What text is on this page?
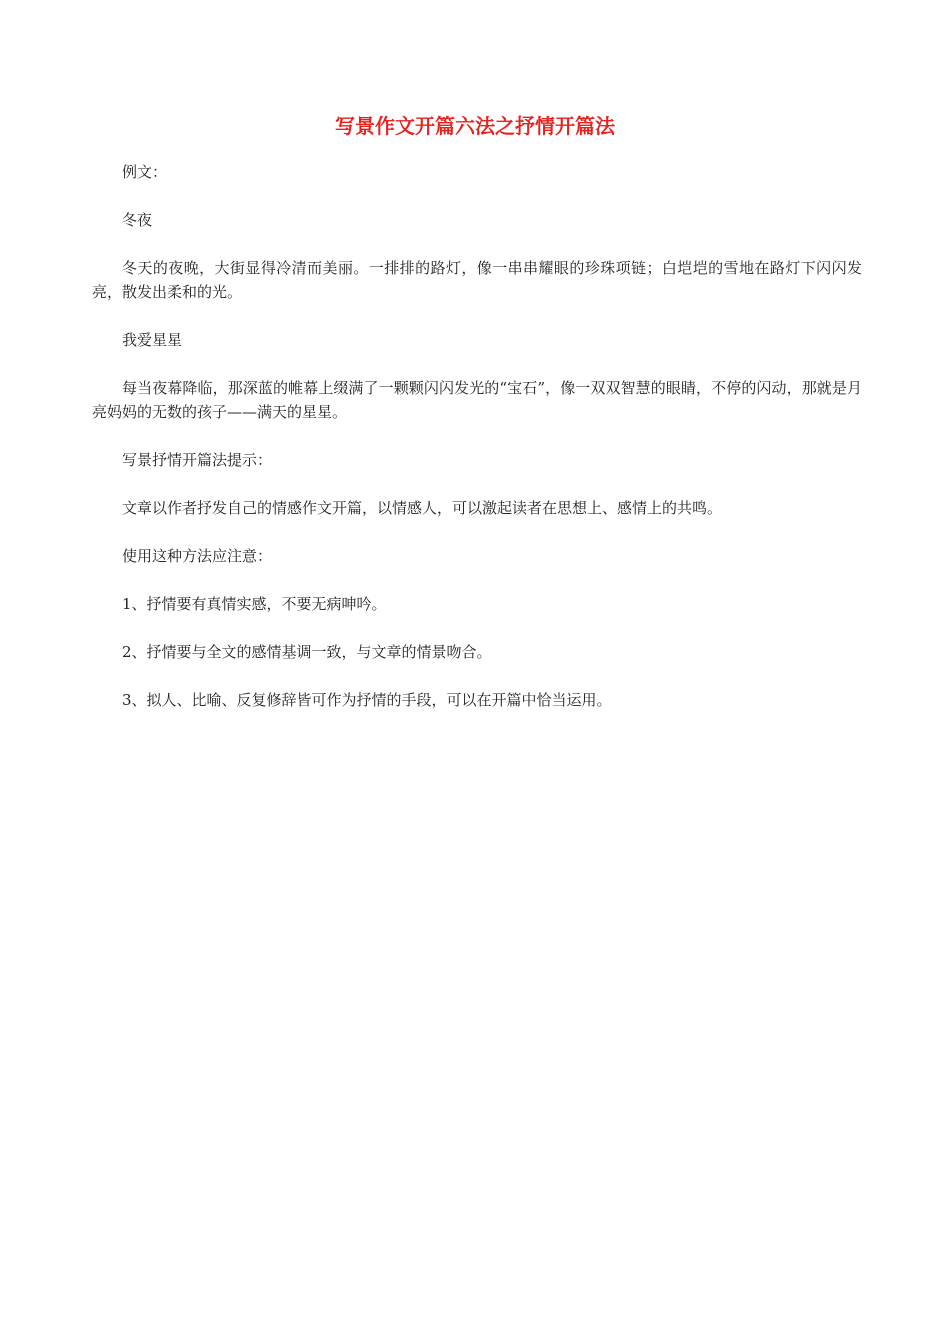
写景作文开篇六法之抒情开篇法

例文：

冬夜

冬天的夜晚，大街显得冷清而美丽。一排排的路灯，像一串串耀眼的珍珠项链；白垲垲的雪地在路灯下闪闪发亮，散发出柔和的光。

我爱星星

每当夜幕降临，那深蓝的帷幕上缀满了一颗颗闪闪发光的“宝石”，像一双双智慧的眼睛，不停的闪动，那就是月亮妈妈的无数的孩子——满天的星星。

写景抒情开篇法提示：

文章以作者抒发自己的情感作文开篇，以情感人，可以激起读者在思想上、感情上的共鸣。

使用这种方法应注意：

1、抒情要有真情实感，不要无病呻吟。

2、抒情要与全文的感情基调一致，与文章的情景吻合。

3、拟人、比喻、反复修辞皆可作为抒情的手段，可以在开篇中恰当运用。
